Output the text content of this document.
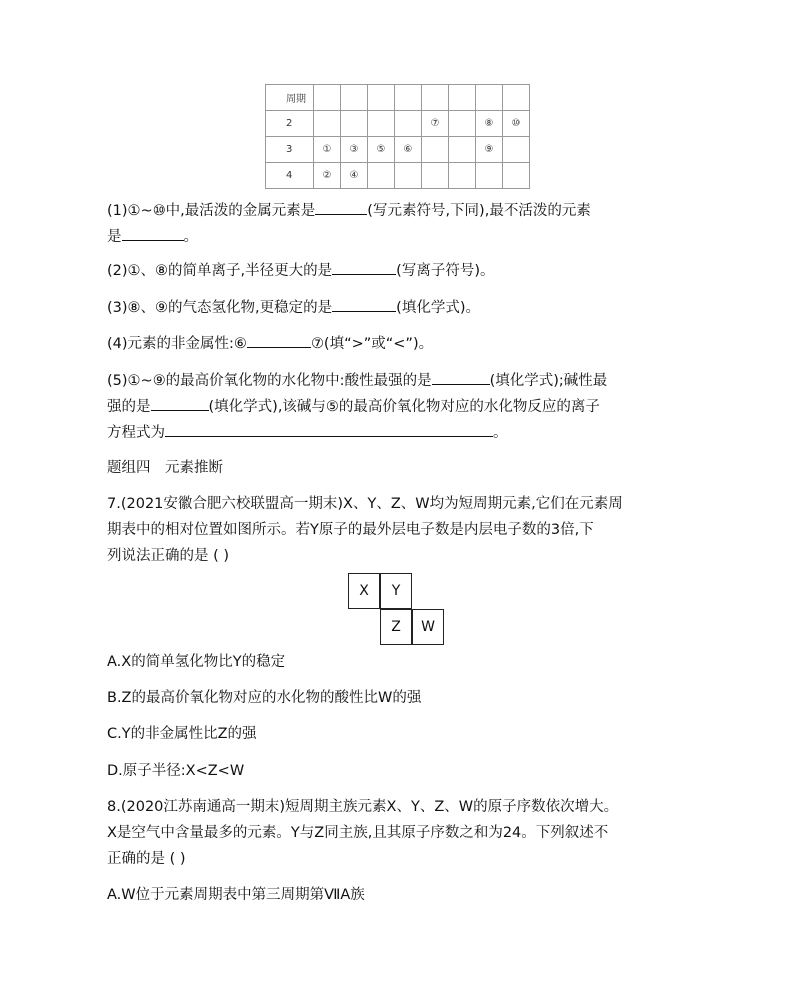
周期								
2					⑦		⑧	⑩
3	①	③	⑤	⑥			⑨	
4	②	④						
(1)①~⑩中,最活泼的金属元素是	(写元素符号,下同),最不活泼的元素
是	。
(2)①、⑧的简单离子,半径更大的是	(写离子符号)。
(3)⑧、⑨的气态氢化物,更稳定的是	(填化学式)。
(4)元素的非金属性:⑥	⑦(填“>”或“<”)。
(5)①~⑨的最高价氧化物的水化物中:酸性最强的是	(填化学式);碱性最
强的是	(填化学式),该碱与⑤的最高价氧化物对应的水化物反应的离子
方程式为	。
题组四　元素推断
7.(2021安徽合肥六校联盟高一期末)X、Y、Z、W均为短周期元素,它们在元素周
期表中的相对位置如图所示。若Y原子的最外层电子数是内层电子数的3倍,下
列说法正确的是 ( )
X	Y
Z	W
A.X的简单氢化物比Y的稳定
B.Z的最高价氧化物对应的水化物的酸性比W的强
C.Y的非金属性比Z的强
D.原子半径:X<Z<W
8.(2020江苏南通高一期末)短周期主族元素X、Y、Z、W的原子序数依次增大。
X是空气中含量最多的元素。Y与Z同主族,且其原子序数之和为24。下列叙述不
正确的是 ( )
A.W位于元素周期表中第三周期第ⅦA族
